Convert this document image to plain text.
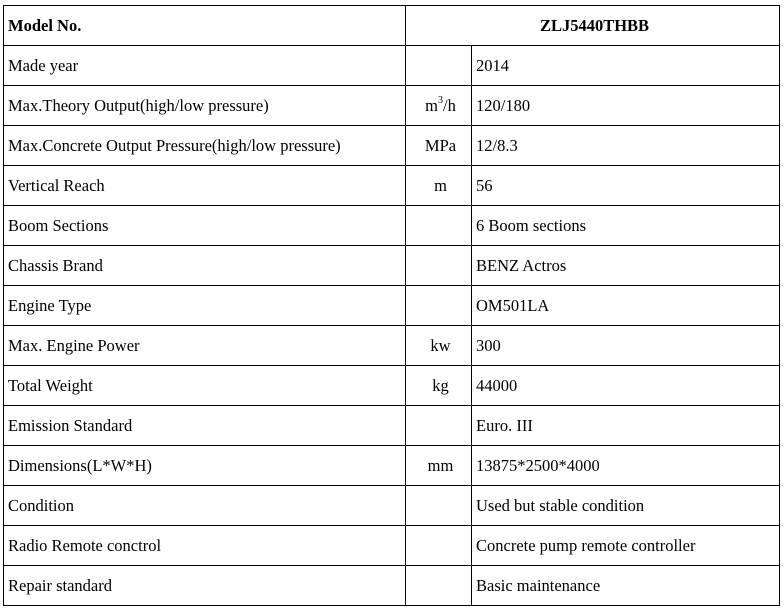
Model No.	ZLJ5440THBB	
Made year		2014
Max.Theory Output(high/low pressure)	$m^3/h$	120/180
Max.Concrete Output Pressure(high/low pressure)	MPa	12/8.3
Vertical Reach	m	56
Boom Sections		6 Boom sections
Chassis Brand		BENZ Actros
Engine Type		OM501LA
Max. Engine Power	kw	300
Total Weight	kg	44000
Emission Standard		Euro. III
Dimensions(L*W*H)	mm	13875*2500*4000
Condition		Used but stable condition
Radio Remote conctrol		Concrete pump remote controller
Repair standard		Basic maintenance
